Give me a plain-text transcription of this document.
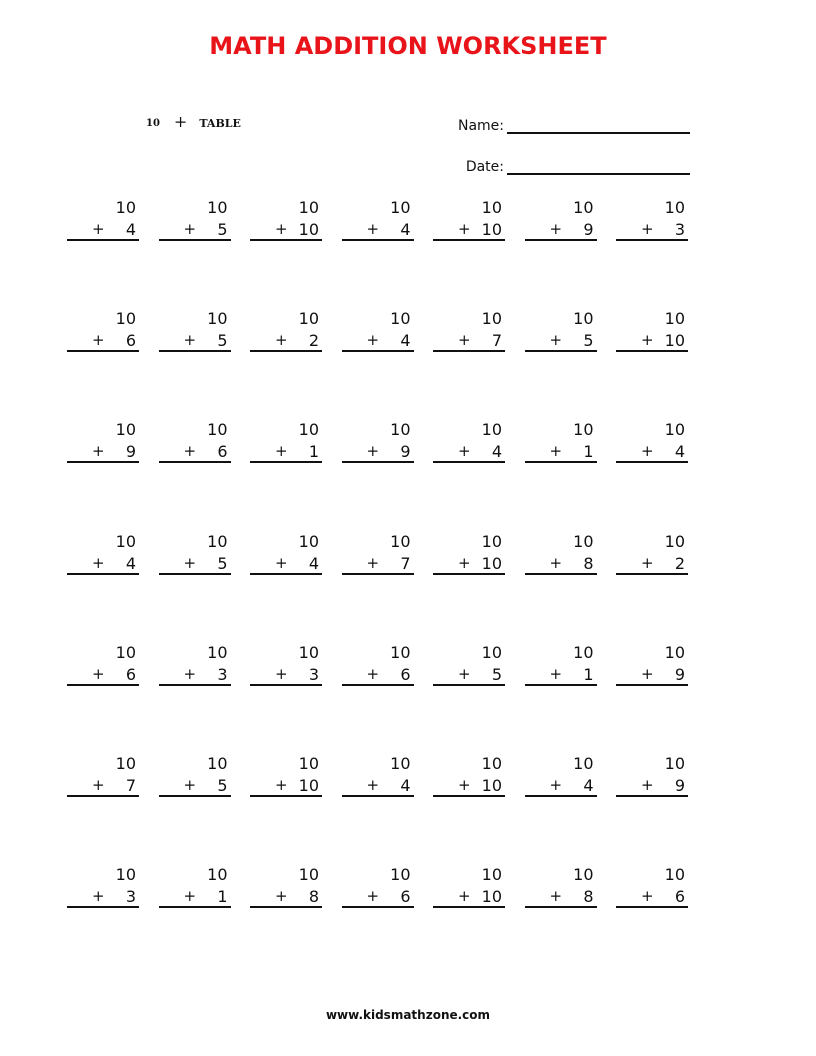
MATH ADDITION WORKSHEET
10 + TABLE	Name:
Date:
10
+ 4
10
+ 5
10
+ 10
10
+ 4
10
+ 10
10
+ 9
10
+ 3
10
+ 6
10
+ 5
10
+ 2
10
+ 4
10
+ 7
10
+ 5
10
+ 10
10
+ 9
10
+ 6
10
+ 1
10
+ 9
10
+ 4
10
+ 1
10
+ 4
10
+ 4
10
+ 5
10
+ 4
10
+ 7
10
+ 10
10
+ 8
10
+ 2
10
+ 6
10
+ 3
10
+ 3
10
+ 6
10
+ 5
10
+ 1
10
+ 9
10
+ 7
10
+ 5
10
+ 10
10
+ 4
10
+ 10
10
+ 4
10
+ 9
10
+ 3
10
+ 1
10
+ 8
10
+ 6
10
+ 10
10
+ 8
10
+ 6
www.kidsmathzone.com
